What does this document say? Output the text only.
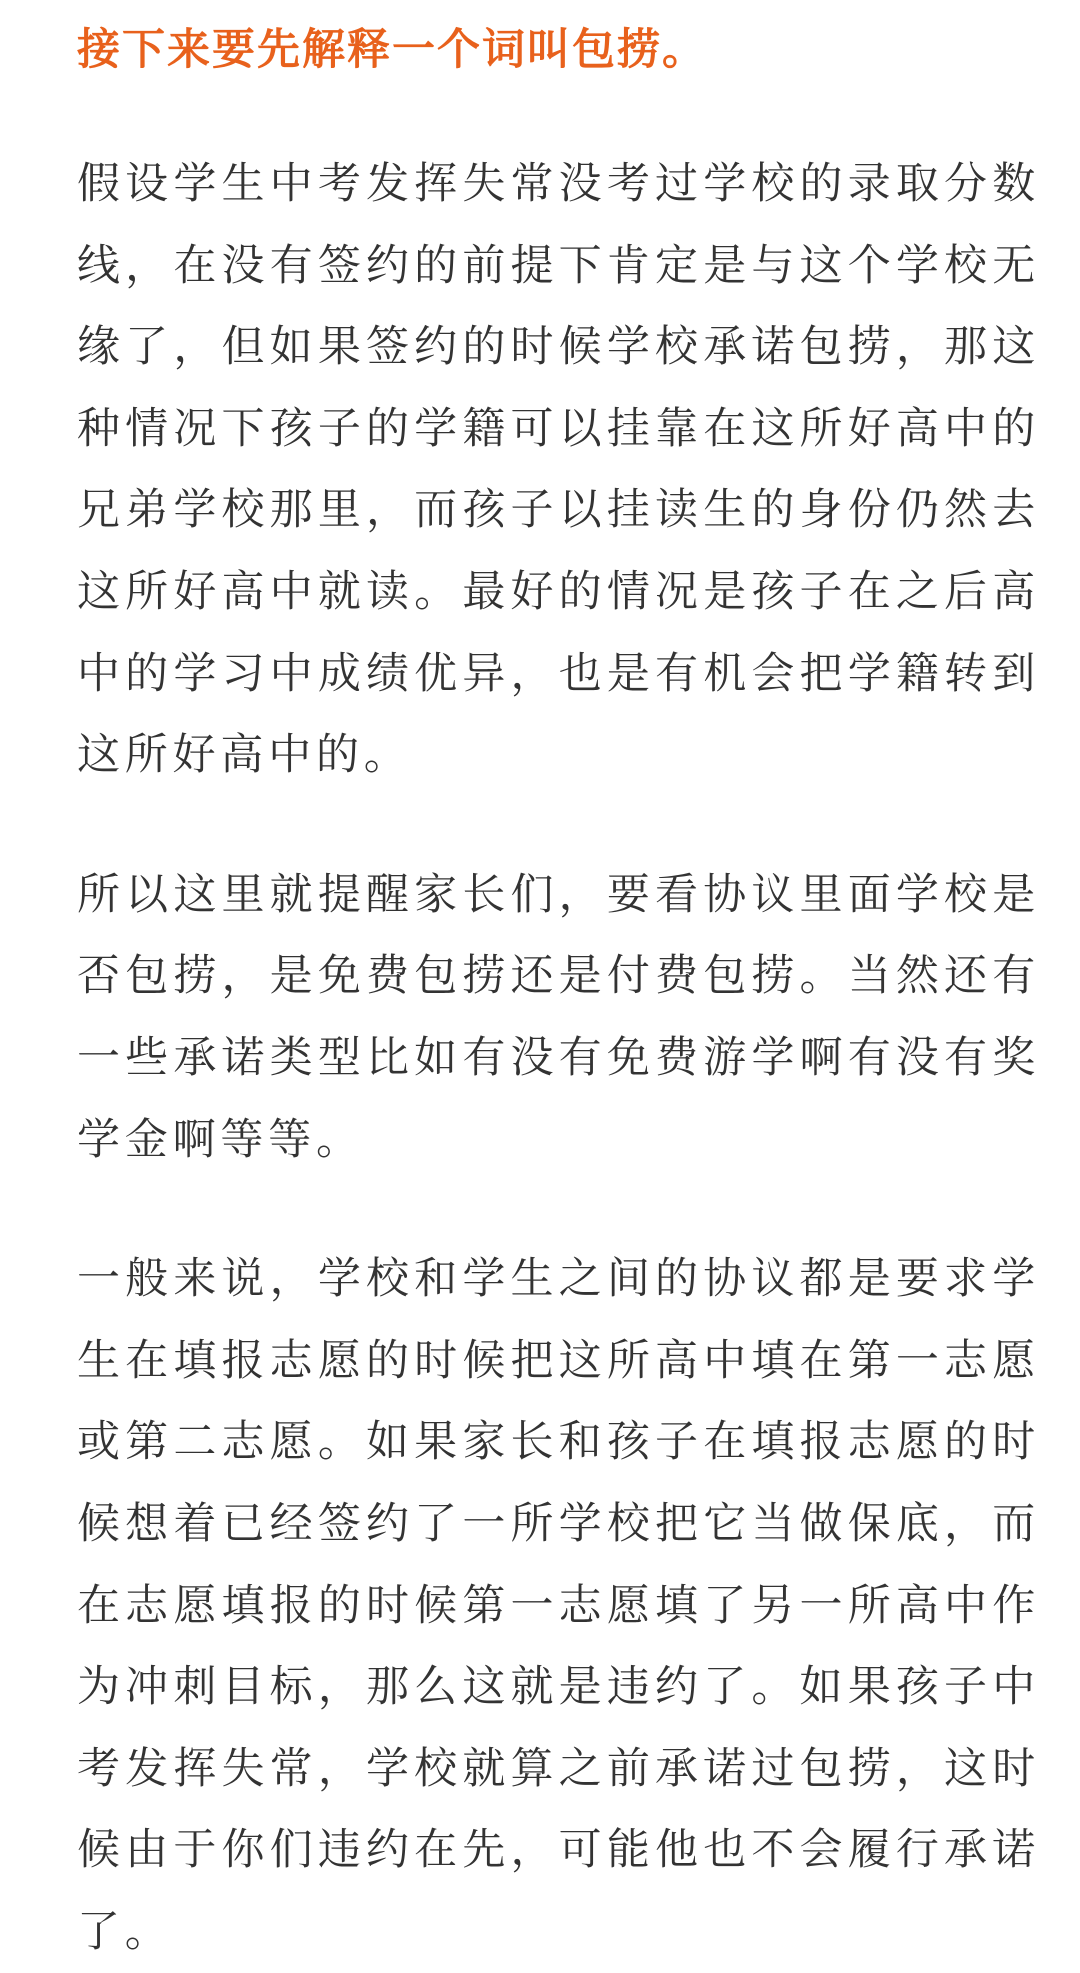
接下来要先解释一个词叫包捞。

假设学生中考发挥失常没考过学校的录取分数线，在没有签约的前提下肯定是与这个学校无缘了，但如果签约的时候学校承诺包捞，那这种情况下孩子的学籍可以挂靠在这所好高中的兄弟学校那里，而孩子以挂读生的身份仍然去这所好高中就读。最好的情况是孩子在之后高中的学习中成绩优异，也是有机会把学籍转到这所好高中的。

所以这里就提醒家长们，要看协议里面学校是否包捞，是免费包捞还是付费包捞。当然还有一些承诺类型比如有没有免费游学啊有没有奖学金啊等等。

一般来说，学校和学生之间的协议都是要求学生在填报志愿的时候把这所高中填在第一志愿或第二志愿。如果家长和孩子在填报志愿的时候想着已经签约了一所学校把它当做保底，而在志愿填报的时候第一志愿填了另一所高中作为冲刺目标，那么这就是违约了。如果孩子中考发挥失常，学校就算之前承诺过包捞，这时候由于你们违约在先，可能他也不会履行承诺了。
